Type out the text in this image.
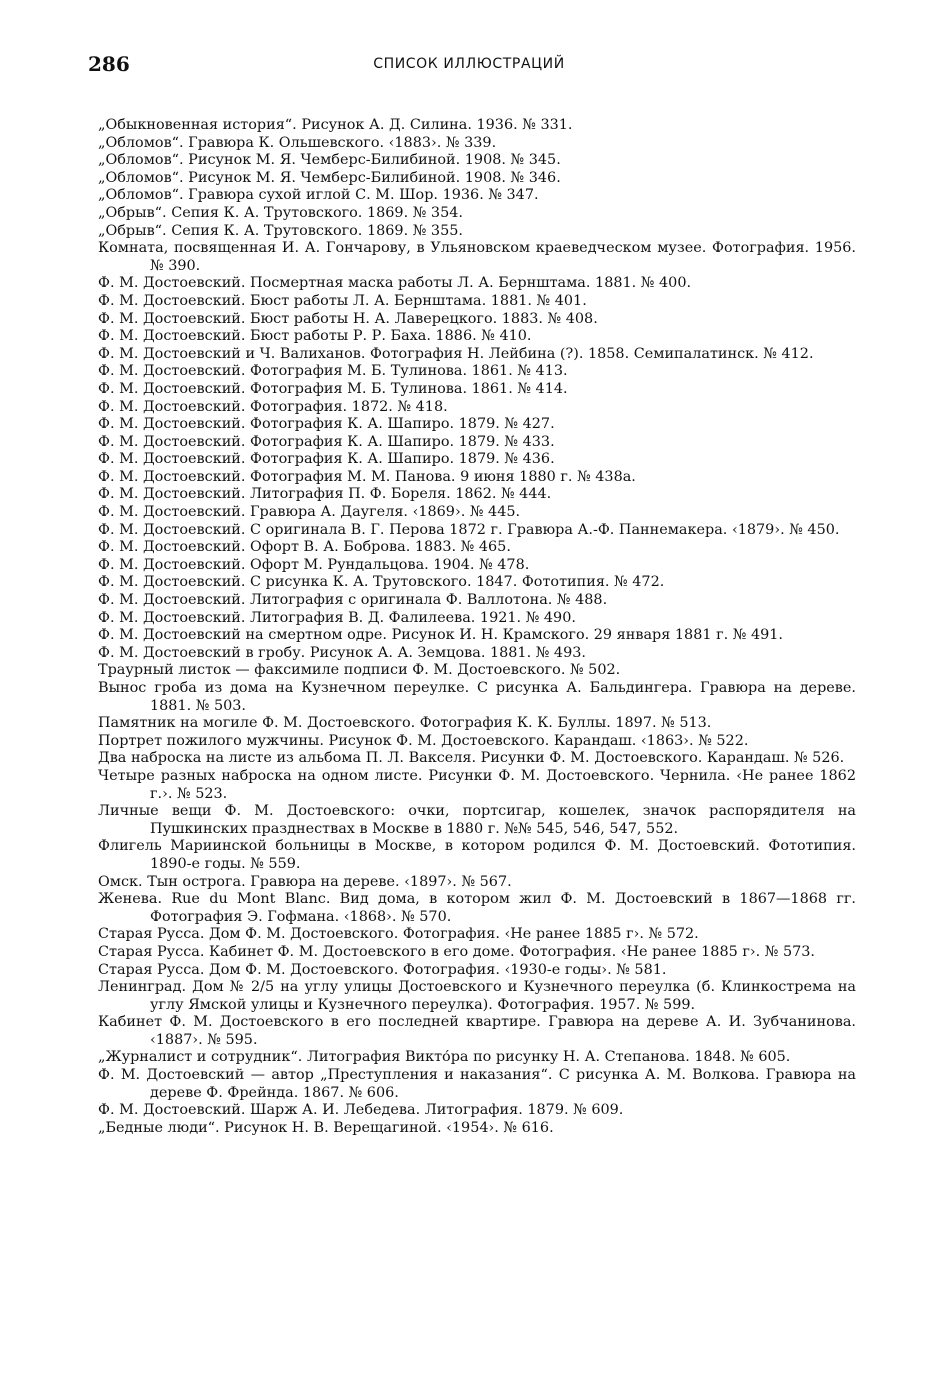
286	СПИСОК ИЛЛЮСТРАЦИЙ
„Обыкновенная история“. Рисунок А. Д. Силина. 1936. № 331.
„Обломов“. Гравюра К. Ольшевского. ‹1883›. № 339.
„Обломов“. Рисунок М. Я. Чемберс-Билибиной. 1908. № 345.
„Обломов“. Рисунок М. Я. Чемберс-Билибиной. 1908. № 346.
„Обломов“. Гравюра сухой иглой С. М. Шор. 1936. № 347.
„Обрыв“. Сепия К. А. Трутовского. 1869. № 354.
„Обрыв“. Сепия К. А. Трутовского. 1869. № 355.
Комната, посвященная И. А. Гончарову, в Ульяновском краеведческом музее. Фотография. 1956. № 390.
Ф. М. Достоевский. Посмертная маска работы Л. А. Бернштама. 1881. № 400.
Ф. М. Достоевский. Бюст работы Л. А. Бернштама. 1881. № 401.
Ф. М. Достоевский. Бюст работы Н. А. Лаверецкого. 1883. № 408.
Ф. М. Достоевский. Бюст работы Р. Р. Баха. 1886. № 410.
Ф. М. Достоевский и Ч. Валиханов. Фотография Н. Лейбина (?). 1858. Семипалатинск. № 412.
Ф. М. Достоевский. Фотография М. Б. Тулинова. 1861. № 413.
Ф. М. Достоевский. Фотография М. Б. Тулинова. 1861. № 414.
Ф. М. Достоевский. Фотография. 1872. № 418.
Ф. М. Достоевский. Фотография К. А. Шапиро. 1879. № 427.
Ф. М. Достоевский. Фотография К. А. Шапиро. 1879. № 433.
Ф. М. Достоевский. Фотография К. А. Шапиро. 1879. № 436.
Ф. М. Достоевский. Фотография М. М. Панова. 9 июня 1880 г. № 438а.
Ф. М. Достоевский. Литография П. Ф. Бореля. 1862. № 444.
Ф. М. Достоевский. Гравюра А. Даугеля. ‹1869›. № 445.
Ф. М. Достоевский. С оригинала В. Г. Перова 1872 г. Гравюра А.-Ф. Паннемакера. ‹1879›. № 450.
Ф. М. Достоевский. Офорт В. А. Боброва. 1883. № 465.
Ф. М. Достоевский. Офорт М. Рундальцова. 1904. № 478.
Ф. М. Достоевский. С рисунка К. А. Трутовского. 1847. Фототипия. № 472.
Ф. М. Достоевский. Литография с оригинала Ф. Валлотона. № 488.
Ф. М. Достоевский. Литография В. Д. Фалилеева. 1921. № 490.
Ф. М. Достоевский на смертном одре. Рисунок И. Н. Крамского. 29 января 1881 г. № 491.
Ф. М. Достоевский в гробу. Рисунок А. А. Земцова. 1881. № 493.
Траурный листок — факсимиле подписи Ф. М. Достоевского. № 502.
Вынос гроба из дома на Кузнечном переулке. С рисунка А. Бальдингера. Гравюра на дереве. 1881. № 503.
Памятник на могиле Ф. М. Достоевского. Фотография К. К. Буллы. 1897. № 513.
Портрет пожилого мужчины. Рисунок Ф. М. Достоевского. Карандаш. ‹1863›. № 522.
Два наброска на листе из альбома П. Л. Вакселя. Рисунки Ф. М. Достоевского. Карандаш. № 526.
Четыре разных наброска на одном листе. Рисунки Ф. М. Достоевского. Чернила. ‹Не ранее 1862 г.›. № 523.
Личные вещи Ф. М. Достоевского: очки, портсигар, кошелек, значок распорядителя на Пушкинских празднествах в Москве в 1880 г. №№ 545, 546, 547, 552.
Флигель Мариинской больницы в Москве, в котором родился Ф. М. Достоевский. Фототипия. 1890-е годы. № 559.
Омск. Тын острога. Гравюра на дереве. ‹1897›. № 567.
Женева. Rue du Mont Blanc. Вид дома, в котором жил Ф. М. Достоевский в 1867—1868 гг. Фотография Э. Гофмана. ‹1868›. № 570.
Старая Русса. Дом Ф. М. Достоевского. Фотография. ‹Не ранее 1885 г›. № 572.
Старая Русса. Кабинет Ф. М. Достоевского в его доме. Фотография. ‹Не ранее 1885 г›. № 573.
Старая Русса. Дом Ф. М. Достоевского. Фотография. ‹1930-е годы›. № 581.
Ленинград. Дом № 2/5 на углу улицы Достоевского и Кузнечного переулка (б. Клинкострема на углу Ямской улицы и Кузнечного переулка). Фотография. 1957. № 599.
Кабинет Ф. М. Достоевского в его последней квартире. Гравюра на дереве А. И. Зубчанинова. ‹1887›. № 595.
„Журналист и сотрудник“. Литография Викто́ра по рисунку Н. А. Степанова. 1848. № 605.
Ф. М. Достоевский — автор „Преступления и наказания“. С рисунка А. М. Волкова. Гравюра на дереве Ф. Фрейнда. 1867. № 606.
Ф. М. Достоевский. Шарж А. И. Лебедева. Литография. 1879. № 609.
„Бедные люди“. Рисунок Н. В. Верещагиной. ‹1954›. № 616.
